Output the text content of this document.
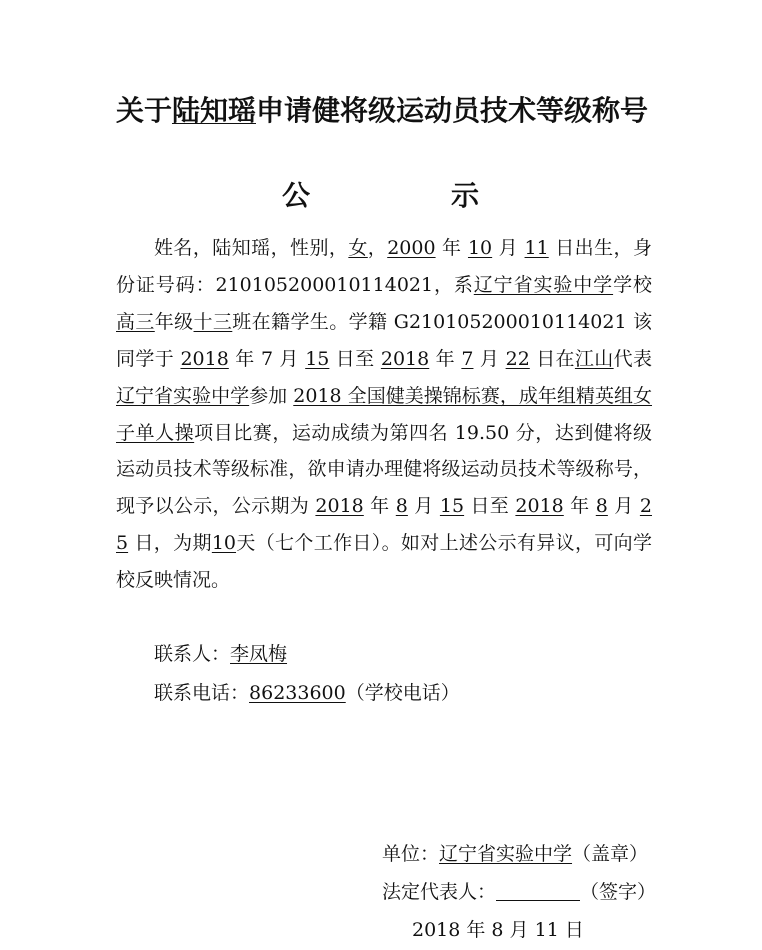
关于陆知瑶申请健将级运动员技术等级称号
公	示

姓名，陆知瑶，性别，女，2000 年 10 月 11 日出生，身份证号码：210105200010114021，系辽宁省实验中学学校高三年级十三班在籍学生。学籍 G210105200010114021 该同学于 2018 年 7 月 15 日至 2018 年 7 月 22 日在江山代表辽宁省实验中学参加 2018 全国健美操锦标赛，成年组精英组女子单人操项目比赛，运动成绩为第四名 19.50 分，达到健将级运动员技术等级标准，欲申请办理健将级运动员技术等级称号，现予以公示，公示期为 2018 年 8 月 15 日至 2018 年 8 月 25 日，为期10天（七个工作日）。如对上述公示有异议，可向学校反映情况。

联系人：李凤梅
联系电话：86233600（学校电话）
单位：辽宁省实验中学（盖章）
法定代表人：	（签字）
2018 年 8 月 11 日
